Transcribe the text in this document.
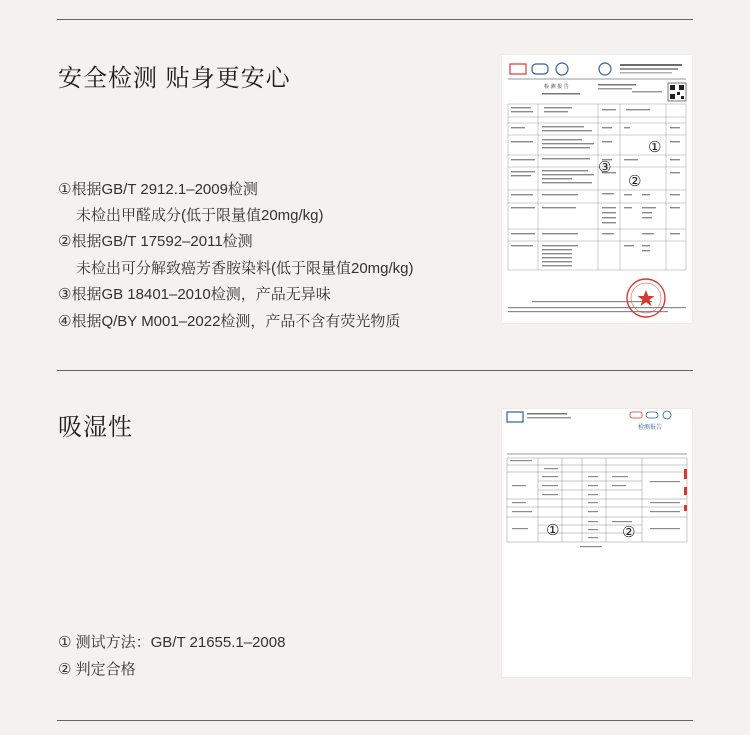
安全检测 贴身更安心
①根据GB/T 2912.1–2009检测
未检出甲醛成分(低于限量值20mg/kg)
②根据GB/T 17592–2011检测
未检出可分解致癌芳香胺染料(低于限量值20mg/kg)
③根据GB 18401–2010检测，产品无异味
④根据Q/BY M001–2022检测，产品不含有荧光物质
检 测 报 告
①
②
③
吸湿性
① 测试方法：GB/T 21655.1–2008
② 判定合格
检测报告
①	②
